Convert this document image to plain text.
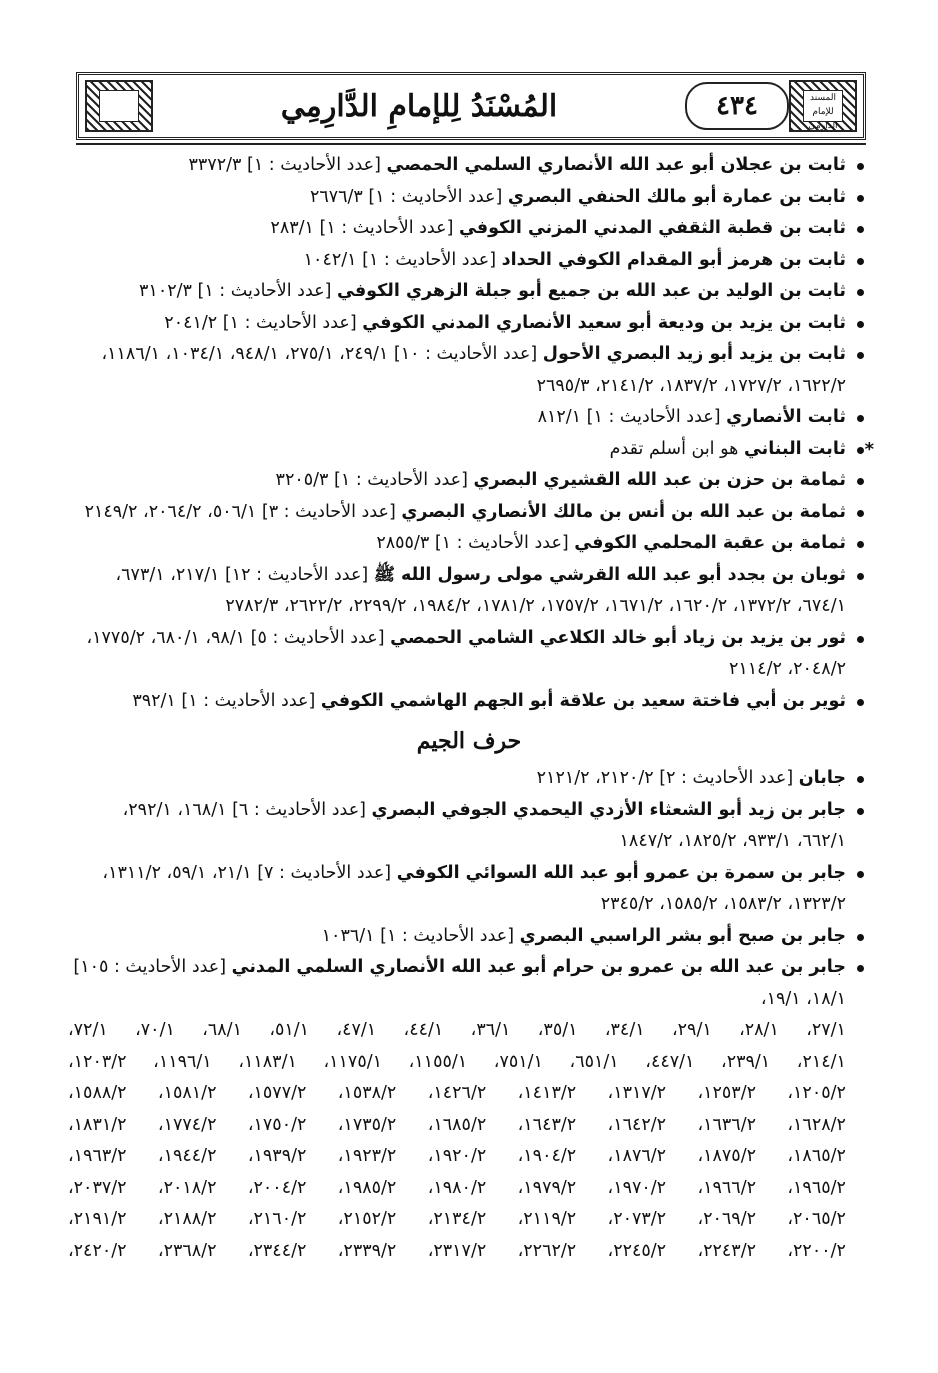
المسند للإمام الدارمي
٤٣٤
المُسْنَدُ لِلإمامِ الدَّارِمِي
ثابت بن عجلان أبو عبد الله الأنصاري السلمي الحمصي [عدد الأحاديث : ١] ٣٣٧٢/٣
ثابت بن عمارة أبو مالك الحنفي البصري [عدد الأحاديث : ١] ٢٦٧٦/٣
ثابت بن قطبة الثقفي المدني المزني الكوفي [عدد الأحاديث : ١] ٢٨٣/١
ثابت بن هرمز أبو المقدام الكوفي الحداد [عدد الأحاديث : ١] ١٠٤٢/١
ثابت بن الوليد بن عبد الله بن جميع أبو جبلة الزهري الكوفي [عدد الأحاديث : ١] ٣١٠٢/٣
ثابت بن يزيد بن وديعة أبو سعيد الأنصاري المدني الكوفي [عدد الأحاديث : ١] ٢٠٤١/٢
ثابت بن يزيد أبو زيد البصري الأحول [عدد الأحاديث : ١٠] ٢٤٩/١، ٢٧٥/١، ٩٤٨/١، ١٠٣٤/١، ١١٨٦/١، ١٦٢٢/٢، ١٧٢٧/٢، ١٨٣٧/٢، ٢١٤١/٢، ٢٦٩٥/٣
ثابت الأنصاري [عدد الأحاديث : ١] ٨١٢/١
ثابت البناني هو ابن أسلم تقدم *
ثمامة بن حزن بن عبد الله القشيري البصري [عدد الأحاديث : ١] ٣٢٠٥/٣
ثمامة بن عبد الله بن أنس بن مالك الأنصاري البصري [عدد الأحاديث : ٣] ٥٠٦/١، ٢٠٦٤/٢، ٢١٤٩/٢
ثمامة بن عقبة المحلمي الكوفي [عدد الأحاديث : ١] ٢٨٥٥/٣
ثوبان بن بجدد أبو عبد الله القرشي مولى رسول الله ﷺ [عدد الأحاديث : ١٢] ٢١٧/١، ٦٧٣/١، ٦٧٤/١، ١٣٧٢/٢، ١٦٢٠/٢، ١٦٧١/٢، ١٧٥٧/٢، ١٧٨١/٢، ١٩٨٤/٢، ٢٢٩٩/٢، ٢٦٢٢/٢، ٢٧٨٢/٣
ثور بن يزيد بن زياد أبو خالد الكلاعي الشامي الحمصي [عدد الأحاديث : ٥] ٩٨/١، ٦٨٠/١، ١٧٧٥/٢، ٢٠٤٨/٢، ٢١١٤/٢
ثوير بن أبي فاختة سعيد بن علاقة أبو الجهم الهاشمي الكوفي [عدد الأحاديث : ١] ٣٩٢/١
حرف الجيم
جابان [عدد الأحاديث : ٢] ٢١٢٠/٢، ٢١٢١/٢
جابر بن زيد أبو الشعثاء الأزدي اليحمدي الجوفي البصري [عدد الأحاديث : ٦] ١٦٨/١، ٢٩٢/١، ٦٦٢/١، ٩٣٣/١، ١٨٢٥/٢، ١٨٤٧/٢
جابر بن سمرة بن عمرو أبو عبد الله السوائي الكوفي [عدد الأحاديث : ٧] ٢١/١، ٥٩/١، ١٣١١/٢، ١٣٢٣/٢، ١٥٨٣/٢، ١٥٨٥/٢، ٢٣٤٥/٢
جابر بن صبح أبو بشر الراسبي البصري [عدد الأحاديث : ١] ١٠٣٦/١
جابر بن عبد الله بن عمرو بن حرام أبو عبد الله الأنصاري السلمي المدني [عدد الأحاديث : ١٠٥] ١٨/١، ١٩/١،
٢٧/١، ٢٨/١، ٢٩/١، ٣٤/١، ٣٥/١، ٣٦/١، ٤٤/١، ٤٧/١، ٥١/١، ٦٨/١، ٧٠/١، ٧٢/١،
٢١٤/١، ٢٣٩/١، ٤٤٧/١، ٦٥١/١، ٧٥١/١، ١١٥٥/١، ١١٧٥/١، ١١٨٣/١، ١١٩٦/١، ١٢٠٣/٢،
١٢٠٥/٢، ١٢٥٣/٢، ١٣١٧/٢، ١٤١٣/٢، ١٤٢٦/٢، ١٥٣٨/٢، ١٥٧٧/٢، ١٥٨١/٢، ١٥٨٨/٢،
١٦٢٨/٢، ١٦٣٦/٢، ١٦٤٢/٢، ١٦٤٣/٢، ١٦٨٥/٢، ١٧٣٥/٢، ١٧٥٠/٢، ١٧٧٤/٢، ١٨٣١/٢،
١٨٦٥/٢، ١٨٧٥/٢، ١٨٧٦/٢، ١٩٠٤/٢، ١٩٢٠/٢، ١٩٢٣/٢، ١٩٣٩/٢، ١٩٤٤/٢، ١٩٦٣/٢،
١٩٦٥/٢، ١٩٦٦/٢، ١٩٧٠/٢، ١٩٧٩/٢، ١٩٨٠/٢، ١٩٨٥/٢، ٢٠٠٤/٢، ٢٠١٨/٢، ٢٠٣٧/٢،
٢٠٦٥/٢، ٢٠٦٩/٢، ٢٠٧٣/٢، ٢١١٩/٢، ٢١٣٤/٢، ٢١٥٢/٢، ٢١٦٠/٢، ٢١٨٨/٢، ٢١٩١/٢،
٢٢٠٠/٢، ٢٢٤٣/٢، ٢٢٤٥/٢، ٢٢٦٢/٢، ٢٣١٧/٢، ٢٣٣٩/٢، ٢٣٤٤/٢، ٢٣٦٨/٢، ٢٤٢٠/٢،
